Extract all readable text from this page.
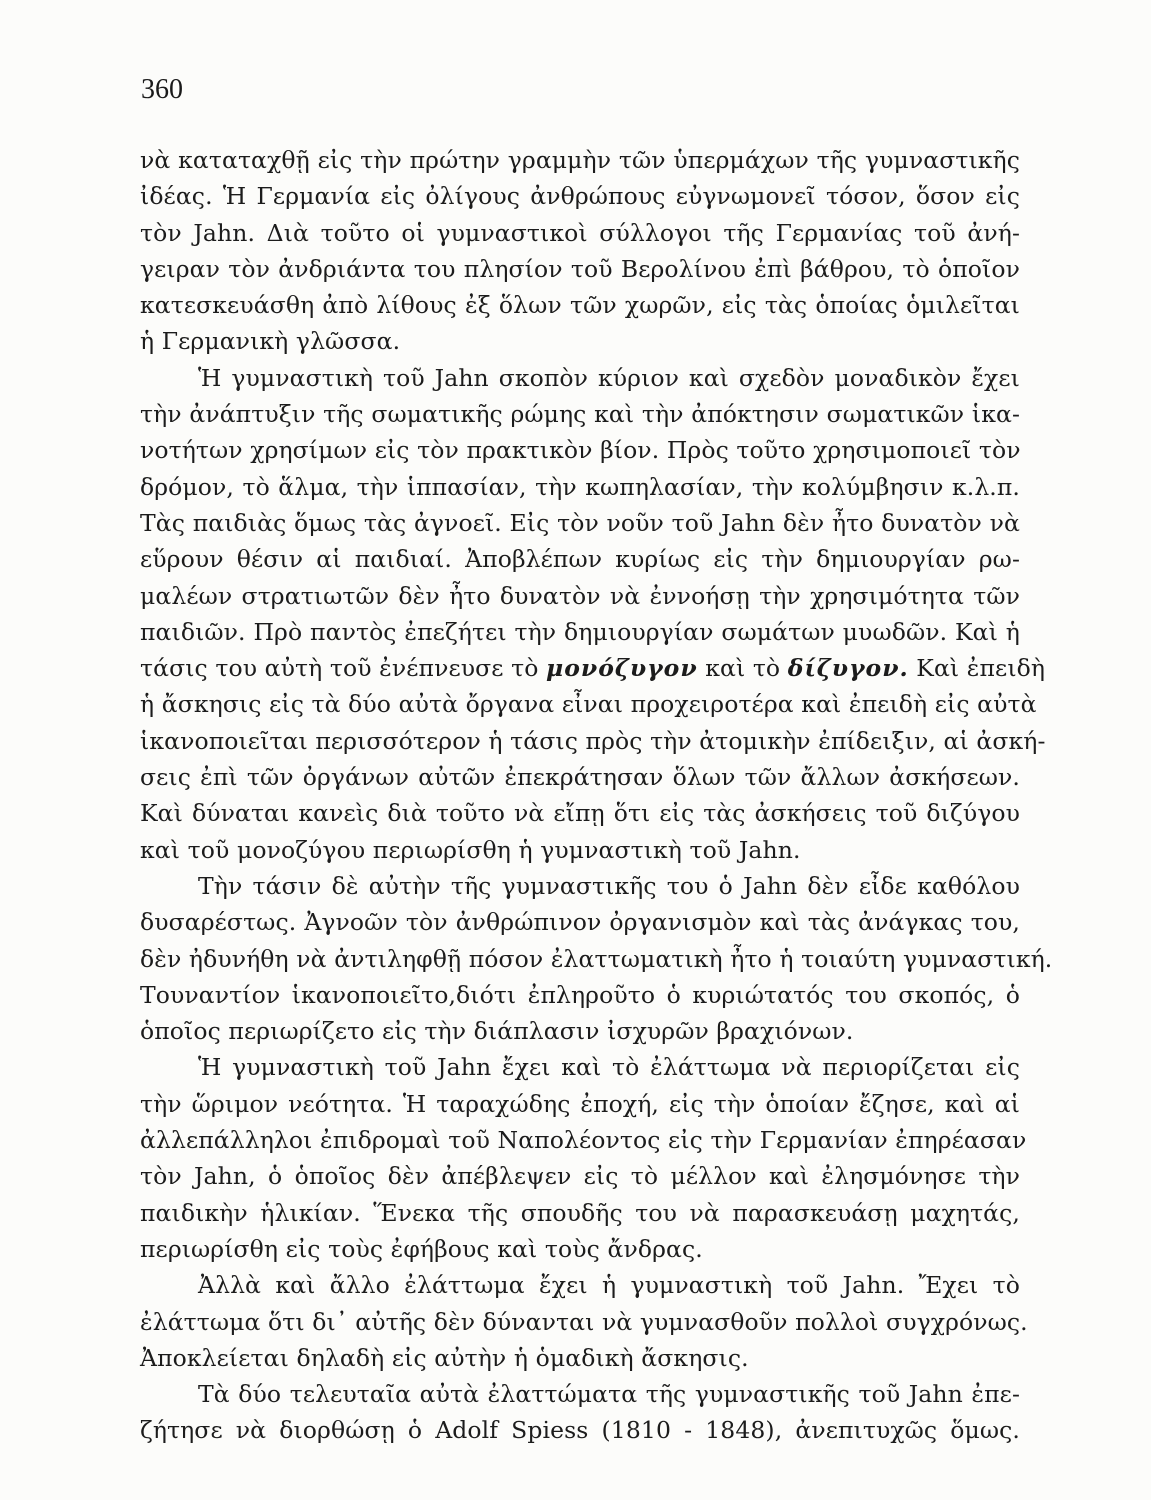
360
νὰ καταταχθῇ εἰς τὴν πρώτην γραμμὴν τῶν ὑπερμάχων τῆς γυμναστικῆς
ἰδέας. Ἡ Γερμανία εἰς ὀλίγους ἀνθρώπους εὐγνωμονεῖ τόσον, ὅσον εἰς
τὸν Jahn. Διὰ τοῦτο οἱ γυμναστικοὶ σύλλογοι τῆς Γερμανίας τοῦ ἀνή-
γειραν τὸν ἀνδριάντα του πλησίον τοῦ Βερολίνου ἐπὶ βάθρου, τὸ ὁποῖον
κατεσκευάσθη ἀπὸ λίθους ἐξ ὅλων τῶν χωρῶν, εἰς τὰς ὁποίας ὁμιλεῖται
ἡ Γερμανικὴ γλῶσσα.
Ἡ γυμναστικὴ τοῦ Jahn σκοπὸν κύριον καὶ σχεδὸν μοναδικὸν ἔχει
τὴν ἀνάπτυξιν τῆς σωματικῆς ρώμης καὶ τὴν ἀπόκτησιν σωματικῶν ἱκα-
νοτήτων χρησίμων εἰς τὸν πρακτικὸν βίον. Πρὸς τοῦτο χρησιμοποιεῖ τὸν
δρόμον, τὸ ἅλμα, τὴν ἱππασίαν, τὴν κωπηλασίαν, τὴν κολύμβησιν κ.λ.π.
Τὰς παιδιὰς ὅμως τὰς ἀγνοεῖ. Εἰς τὸν νοῦν τοῦ Jahn δὲν ἦτο δυνατὸν νὰ
εὕρουν θέσιν αἱ παιδιαί. Ἀποβλέπων κυρίως εἰς τὴν δημιουργίαν ρω-
μαλέων στρατιωτῶν δὲν ἦτο δυνατὸν νὰ ἐννοήσῃ τὴν χρησιμότητα τῶν
παιδιῶν. Πρὸ παντὸς ἐπεζήτει τὴν δημιουργίαν σωμάτων μυωδῶν. Καὶ ἡ
τάσις του αὐτὴ τοῦ ἐνέπνευσε τὸ μονόζυγον καὶ τὸ δίζυγον. Καὶ ἐπειδὴ
ἡ ἄσκησις εἰς τὰ δύο αὐτὰ ὄργανα εἶναι προχειροτέρα καὶ ἐπειδὴ εἰς αὐτὰ
ἱκανοποιεῖται περισσότερον ἡ τάσις πρὸς τὴν ἀτομικὴν ἐπίδειξιν, αἱ ἀσκή-
σεις ἐπὶ τῶν ὀργάνων αὐτῶν ἐπεκράτησαν ὅλων τῶν ἄλλων ἀσκήσεων.
Καὶ δύναται κανεὶς διὰ τοῦτο νὰ εἴπῃ ὅτι εἰς τὰς ἀσκήσεις τοῦ διζύγου
καὶ τοῦ μονοζύγου περιωρίσθη ἡ γυμναστικὴ τοῦ Jahn.
Τὴν τάσιν δὲ αὐτὴν τῆς γυμναστικῆς του ὁ Jahn δὲν εἶδε καθόλου
δυσαρέστως. Ἀγνοῶν τὸν ἀνθρώπινον ὀργανισμὸν καὶ τὰς ἀνάγκας του,
δὲν ἠδυνήθη νὰ ἀντιληφθῇ πόσον ἐλαττωματικὴ ἦτο ἡ τοιαύτη γυμναστική.
Τουναντίον ἱκανοποιεῖτο,διότι ἐπληροῦτο ὁ κυριώτατός του σκοπός, ὁ
ὁποῖος περιωρίζετο εἰς τὴν διάπλασιν ἰσχυρῶν βραχιόνων.
Ἡ γυμναστικὴ τοῦ Jahn ἔχει καὶ τὸ ἐλάττωμα νὰ περιορίζεται εἰς
τὴν ὥριμον νεότητα. Ἡ ταραχώδης ἐποχή, εἰς τὴν ὁποίαν ἔζησε, καὶ αἱ
ἀλλεπάλληλοι ἐπιδρομαὶ τοῦ Ναπολέοντος εἰς τὴν Γερμανίαν ἐπηρέασαν
τὸν Jahn, ὁ ὁποῖος δὲν ἀπέβλεψεν εἰς τὸ μέλλον καὶ ἐλησμόνησε τὴν
παιδικὴν ἡλικίαν. Ἕνεκα τῆς σπουδῆς του νὰ παρασκευάσῃ μαχητάς,
περιωρίσθη εἰς τοὺς ἐφήβους καὶ τοὺς ἄνδρας.
Ἀλλὰ καὶ ἄλλο ἐλάττωμα ἔχει ἡ γυμναστικὴ τοῦ Jahn. Ἔχει τὸ
ἐλάττωμα ὅτι δι᾽ αὐτῆς δὲν δύνανται νὰ γυμνασθοῦν πολλοὶ συγχρόνως.
Ἀποκλείεται δηλαδὴ εἰς αὐτὴν ἡ ὁμαδικὴ ἄσκησις.
Τὰ δύο τελευταῖα αὐτὰ ἐλαττώματα τῆς γυμναστικῆς τοῦ Jahn ἐπε-
ζήτησε νὰ διορθώσῃ ὁ Adolf Spiess (1810 - 1848), ἀνεπιτυχῶς ὅμως.
